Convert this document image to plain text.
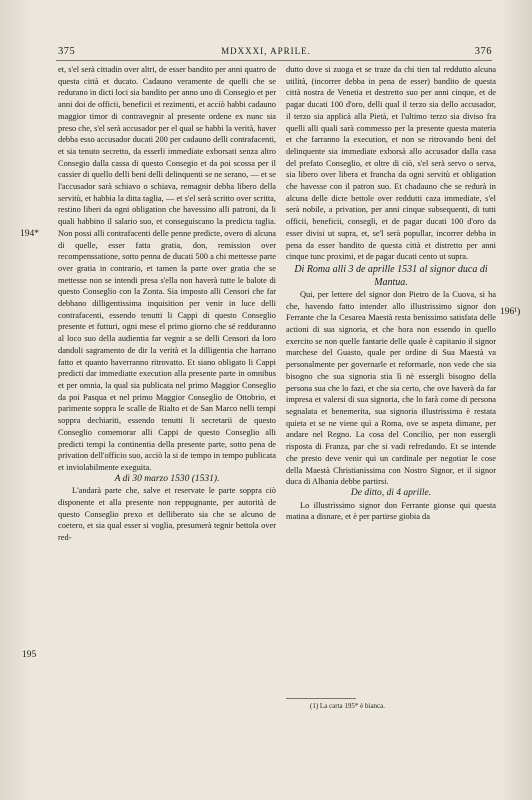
375	MDXXXI, APRILE.	376
194*
195
196¹)

et, s'el serà cittadin over altri, de esser bandito per anni quatro de questa città et ducato. Cadauno veramente de quelli che se redurano in dicti loci sia bandito per anno uno di Consegio et per anni doi de officii, beneficii et rezimenti, et acciò habbi cadauno maggior timor di contravegnir al presente ordene ex nunc sia preso che, s'el serà accusador per el qual se habbi la verità, haver debba esso accusador ducati 200 per cadauno delli contrafacenti, et sia tenuto secretto, da esserli immediate exborsati senza altro Consegio dalla cassa di questo Consegio et da poi scossa per il cassier di quello delli beni delli delinquenti se ne serano, — et se l'accusador sarà schiavo o schiava, remagnir debba libero della servitù, et habbia la ditta taglia, — et s'el serà scritto over scritta, restino liberi da ogni obligation che havessino alli patroni, da li quali habbino il salario suo, et conseguiscano la predicta taglia. Non possi alli contrafacenti delle penne predicte, overo di alcuna di quelle, esser fatta gratia, don, remission over recompenssatione, sotto penna de ducati 500 a chi mettesse parte over gratia in contrario, et tamen la parte over gratia che se mettesse non se intendi presa s'ella non haverà tutte le balote di questo Conseglio con la Zonta. Sia imposto alli Censori che far debbano dilligentissima inquisition per venir in luce delli contrafacenti, essendo tenutti li Cappi di questo Conseglio presente et futturi, ogni mese el primo giorno che sé redduranno al loco suo della audientia far vegnir a se delli Censori da loro dandoli sagramento de dir la verità et la dilligentia che harrano fatto et quanto haverranno ritrovatto. Et siano obligato li Cappi predicti dar immediatte execution alla presente parte in omnibus et per omnia, la qual sia publicata nel primo Maggior Conseglio da poi Pasqua et nel primo Maggior Conseglio de Ottobrio, et parimente soppra le scalle de Rialto et de San Marco nelli tempi soppra dechiariti, essendo tenutti li secretarii de questo Conseglio comemorar alli Cappi de questo Conseglio alli predicti tempi la continentia della presente parte, sotto pena de privation dell'officio suo, acciò la si de tempo in tempo publicata et inviolabilmente exeguita.

A dì 30 marzo 1530 (1531).

L'andarà parte che, salve et reservate le parte soppra ciò disponente et alla presente non reppugnante, per autorità de questo Conseglio prexo et delliberato sia che se alcuno de coetero, et sia qual esser si voglia, presumerà tegnir bettola over red-

dutto dove si zuoga et se traze da chi tien tal reddutto alcuna utilità, (incorrer debba in pena de esser) bandito de questa città nostra de Venetia et destretto suo per anni cinque, et de pagar ducati 100 d'oro, delli qual il terzo sia dello accusador, il terzo sia applicà alla Pietà, et l'ultimo terzo sia diviso fra quelli alli quali sarà commesso per la presente questa materia et che farranno la execution, et non se ritrovando beni del delinquente sia immediate exborsà allo accusador dalla casa del prefato Conseglio, et oltre di ciò, s'el serà servo o serva, sia libero over libera et francha da ogni servitù et obligation che havesse con il patron suo. Et chadauno che se redurà in alcuna delle dicte bettole over reddutti caza immediate, s'el serà nobile, a privation, per anni cinque subsequenti, di tutti officii, beneficii, consegli, et de pagar ducati 100 d'oro da esser divisi ut supra, et, se'l serà popullar, incorrer debba in pena da esser bandito de questa città et distretto per anni cinque tunc proximi, et de pagar ducati cento ut supra.

Di Roma alli 3 de aprille 1531 al signor duca di Mantua.

Qui, per lettere del signor don Pietro de la Cuova, si ha che, havendo fatto intender allo illustrissimo signor don Ferrante che la Cesarea Maestà resta benissimo satisfata delle actioni di sua signoria, et che hora non essendo in quello exercito se non quelle fantarie delle quale è capitanio il signor marchese del Guasto, quale per ordine di Sua Maestà va personalmente per governarle et reformarle, non vede che sia bisogno che sua signoria stia lì nè essergli bisogno della persona sua che lo fazi, et che sia certo, che ove haverà da far impresa et valersi di sua signoria, che lo farà come di persona segnalata et benemerita, sua signoria illustrissima è restata quieta et se ne viene quì a Roma, ove se aspeta dimane, per andare nel Regno. La cosa del Concilio, per non essergli risposta di Franza, par che si vadi refredando. Et se intende che presto deve venir qui un cardinale per negotiar le cose della Maestà Christianissima con Nostro Signor, et il signor duca di Albania debbe partirsi.

De ditto, di 4 aprille.

Lo illustrissimo signor don Ferrante gionse qui questa matina a disnare, et è per partirse giobia da

(1) La carta 195* è bianca.
